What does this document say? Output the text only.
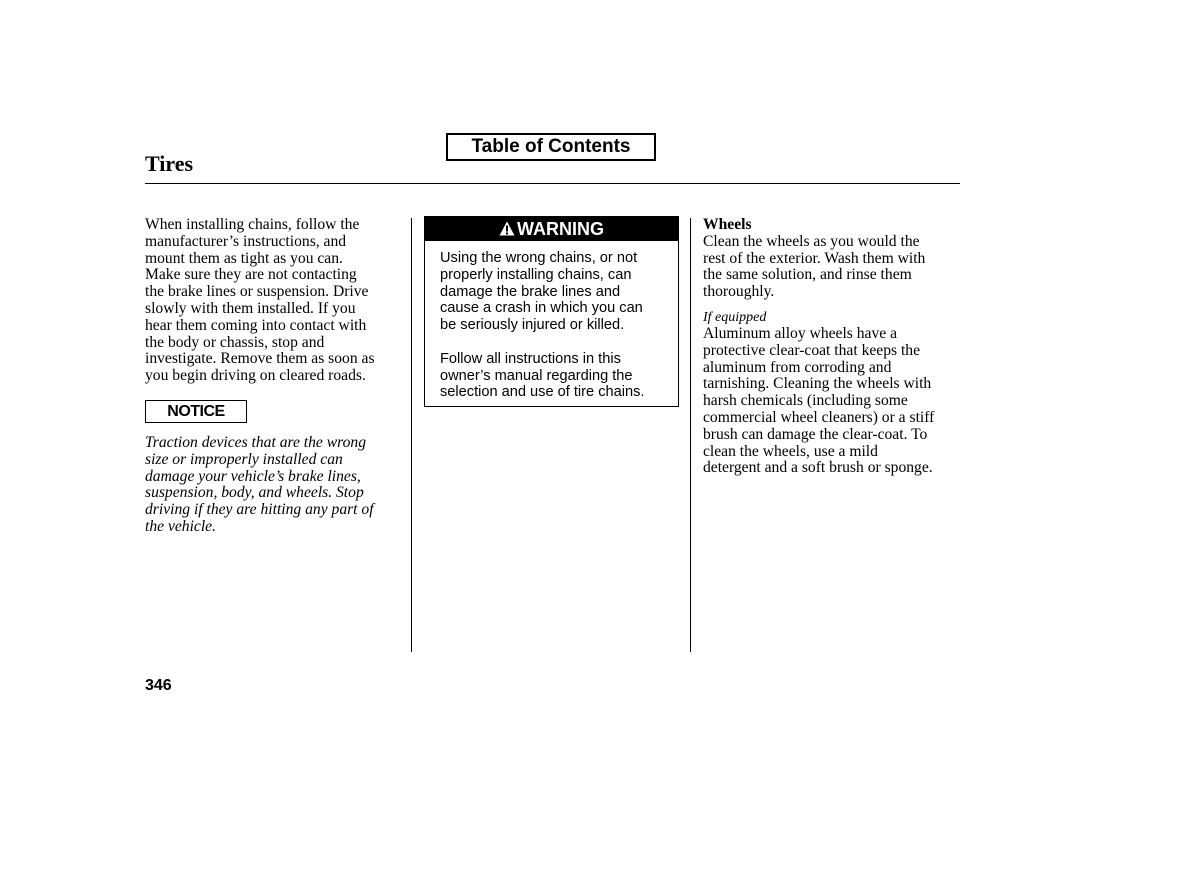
Table of Contents
Tires

When installing chains, follow the

manufacturer’s instructions, and

mount them as tight as you can.

Make sure they are not contacting

the brake lines or suspension. Drive

slowly with them installed. If you

hear them coming into contact with

the body or chassis, stop and

investigate. Remove them as soon as

you begin driving on cleared roads.

NOTICE

Traction devices that are the wrong

size or improperly installed can

damage your vehicle’s brake lines,

suspension, body, and wheels. Stop

driving if they are hitting any part of

the vehicle.

WARNING

Using the wrong chains, or not
properly installing chains, can
damage the brake lines and
cause a crash in which you can
be seriously injured or killed.

Follow all instructions in this
owner’s manual regarding the
selection and use of tire chains.

Wheels

Clean the wheels as you would the

rest of the exterior. Wash them with

the same solution, and rinse them

thoroughly.

If equipped

Aluminum alloy wheels have a

protective clear-coat that keeps the

aluminum from corroding and

tarnishing. Cleaning the wheels with

harsh chemicals (including some

commercial wheel cleaners) or a stiff

brush can damage the clear-coat. To

clean the wheels, use a mild

detergent and a soft brush or sponge.

346
